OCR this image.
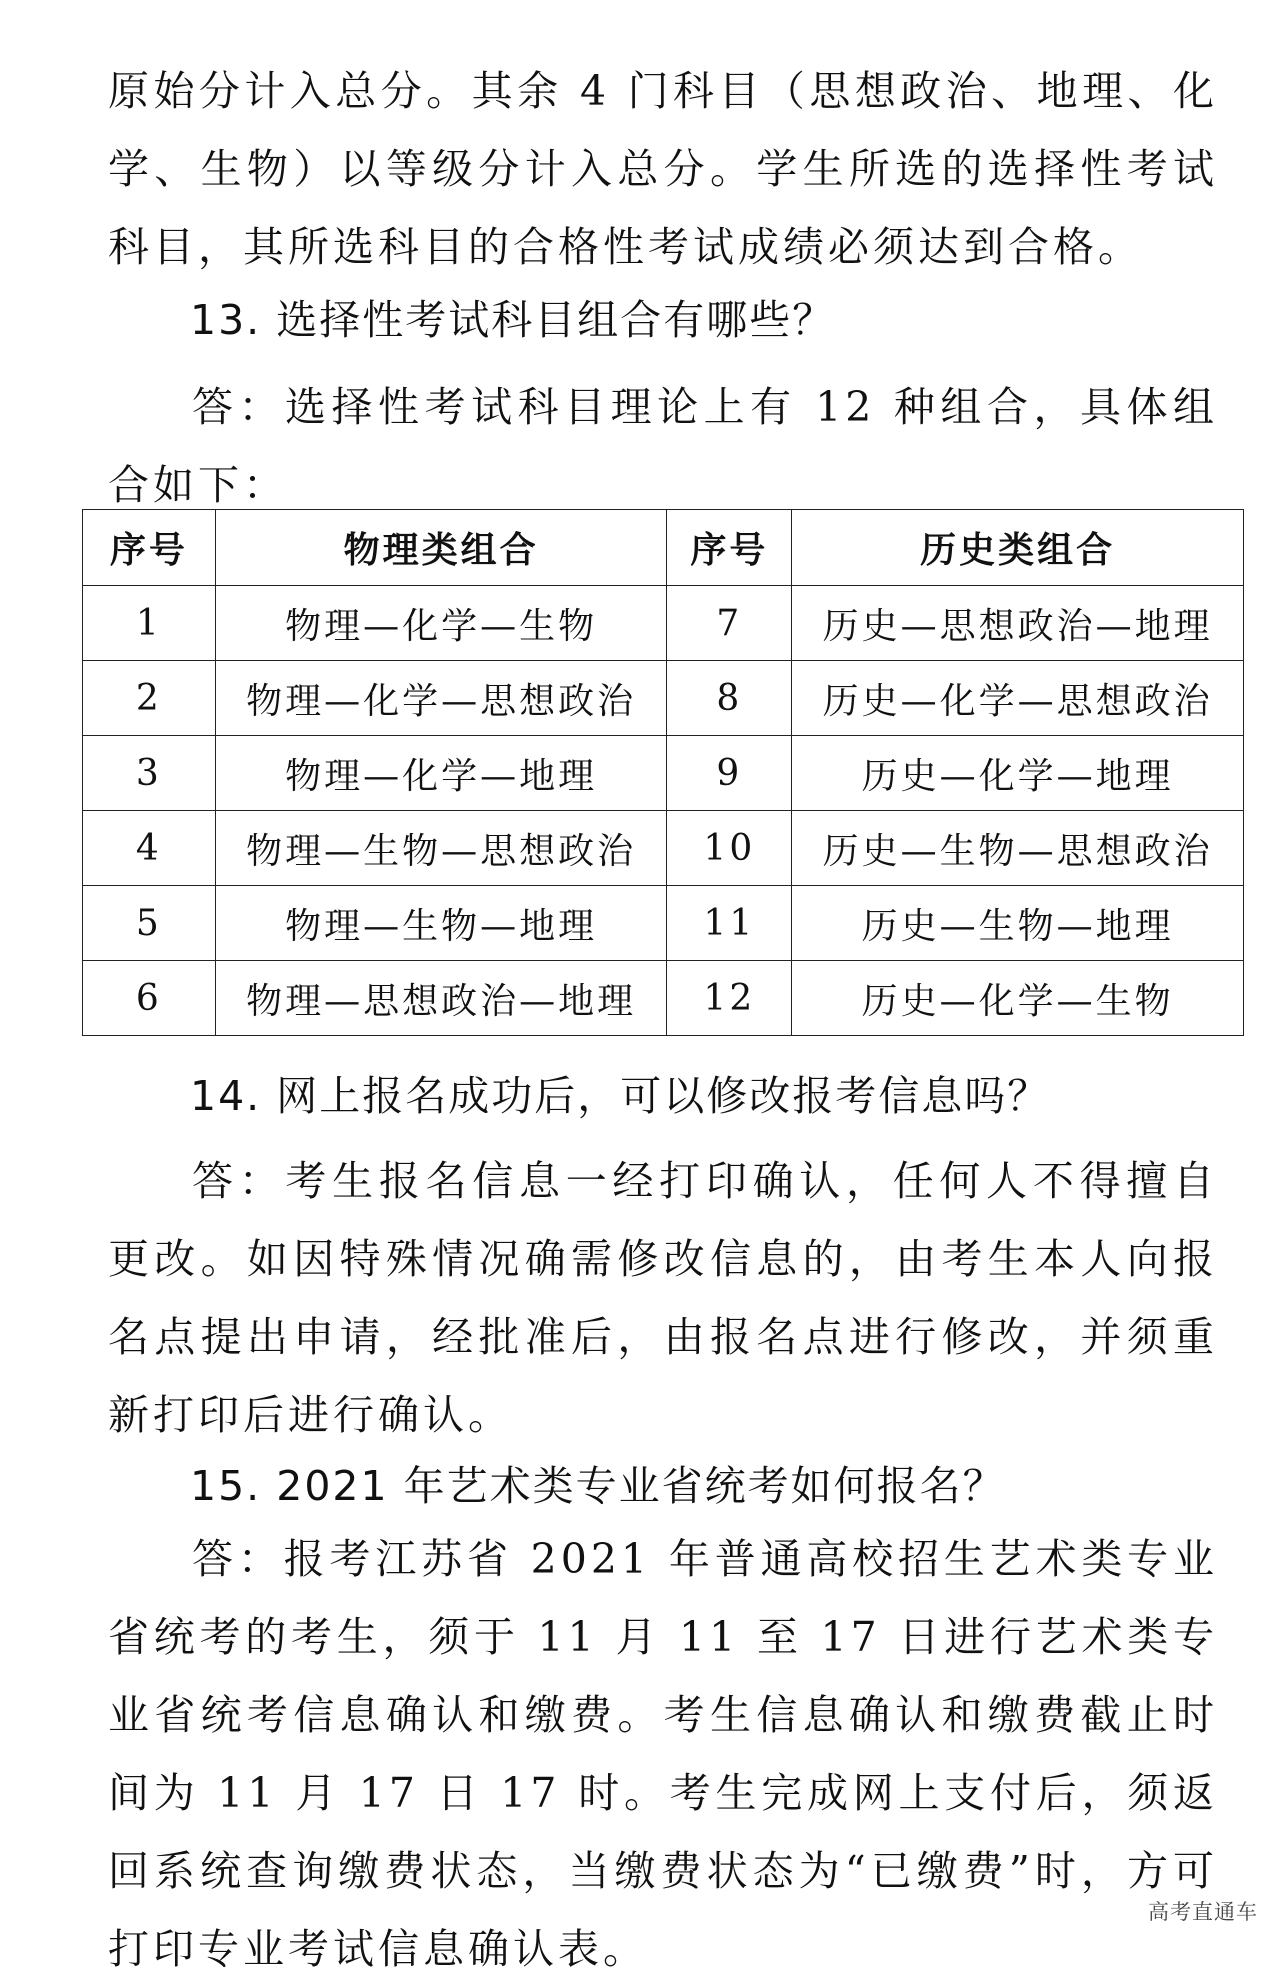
原始分计入总分。其余 4 门科目（思想政治、地理、化学、生物）以等级分计入总分。学生所选的选择性考试科目，其所选科目的合格性考试成绩必须达到合格。

13. 选择性考试科目组合有哪些？

答：选择性考试科目理论上有 12 种组合，具体组合如下：

序号	物理类组合	序号	历史类组合
1	物理—化学—生物	7	历史—思想政治—地理
2	物理—化学—思想政治	8	历史—化学—思想政治
3	物理—化学—地理	9	历史—化学—地理
4	物理—生物—思想政治	10	历史—生物—思想政治
5	物理—生物—地理	11	历史—生物—地理
6	物理—思想政治—地理	12	历史—化学—生物

14. 网上报名成功后，可以修改报考信息吗？

答：考生报名信息一经打印确认，任何人不得擅自更改。如因特殊情况确需修改信息的，由考生本人向报名点提出申请，经批准后，由报名点进行修改，并须重新打印后进行确认。

15. 2021 年艺术类专业省统考如何报名？

答：报考江苏省 2021 年普通高校招生艺术类专业省统考的考生，须于 11 月 11 至 17 日进行艺术类专业省统考信息确认和缴费。考生信息确认和缴费截止时间为 11 月 17 日 17 时。考生完成网上支付后，须返回系统查询缴费状态，当缴费状态为“已缴费”时，方可打印专业考试信息确认表。

高考直通车
